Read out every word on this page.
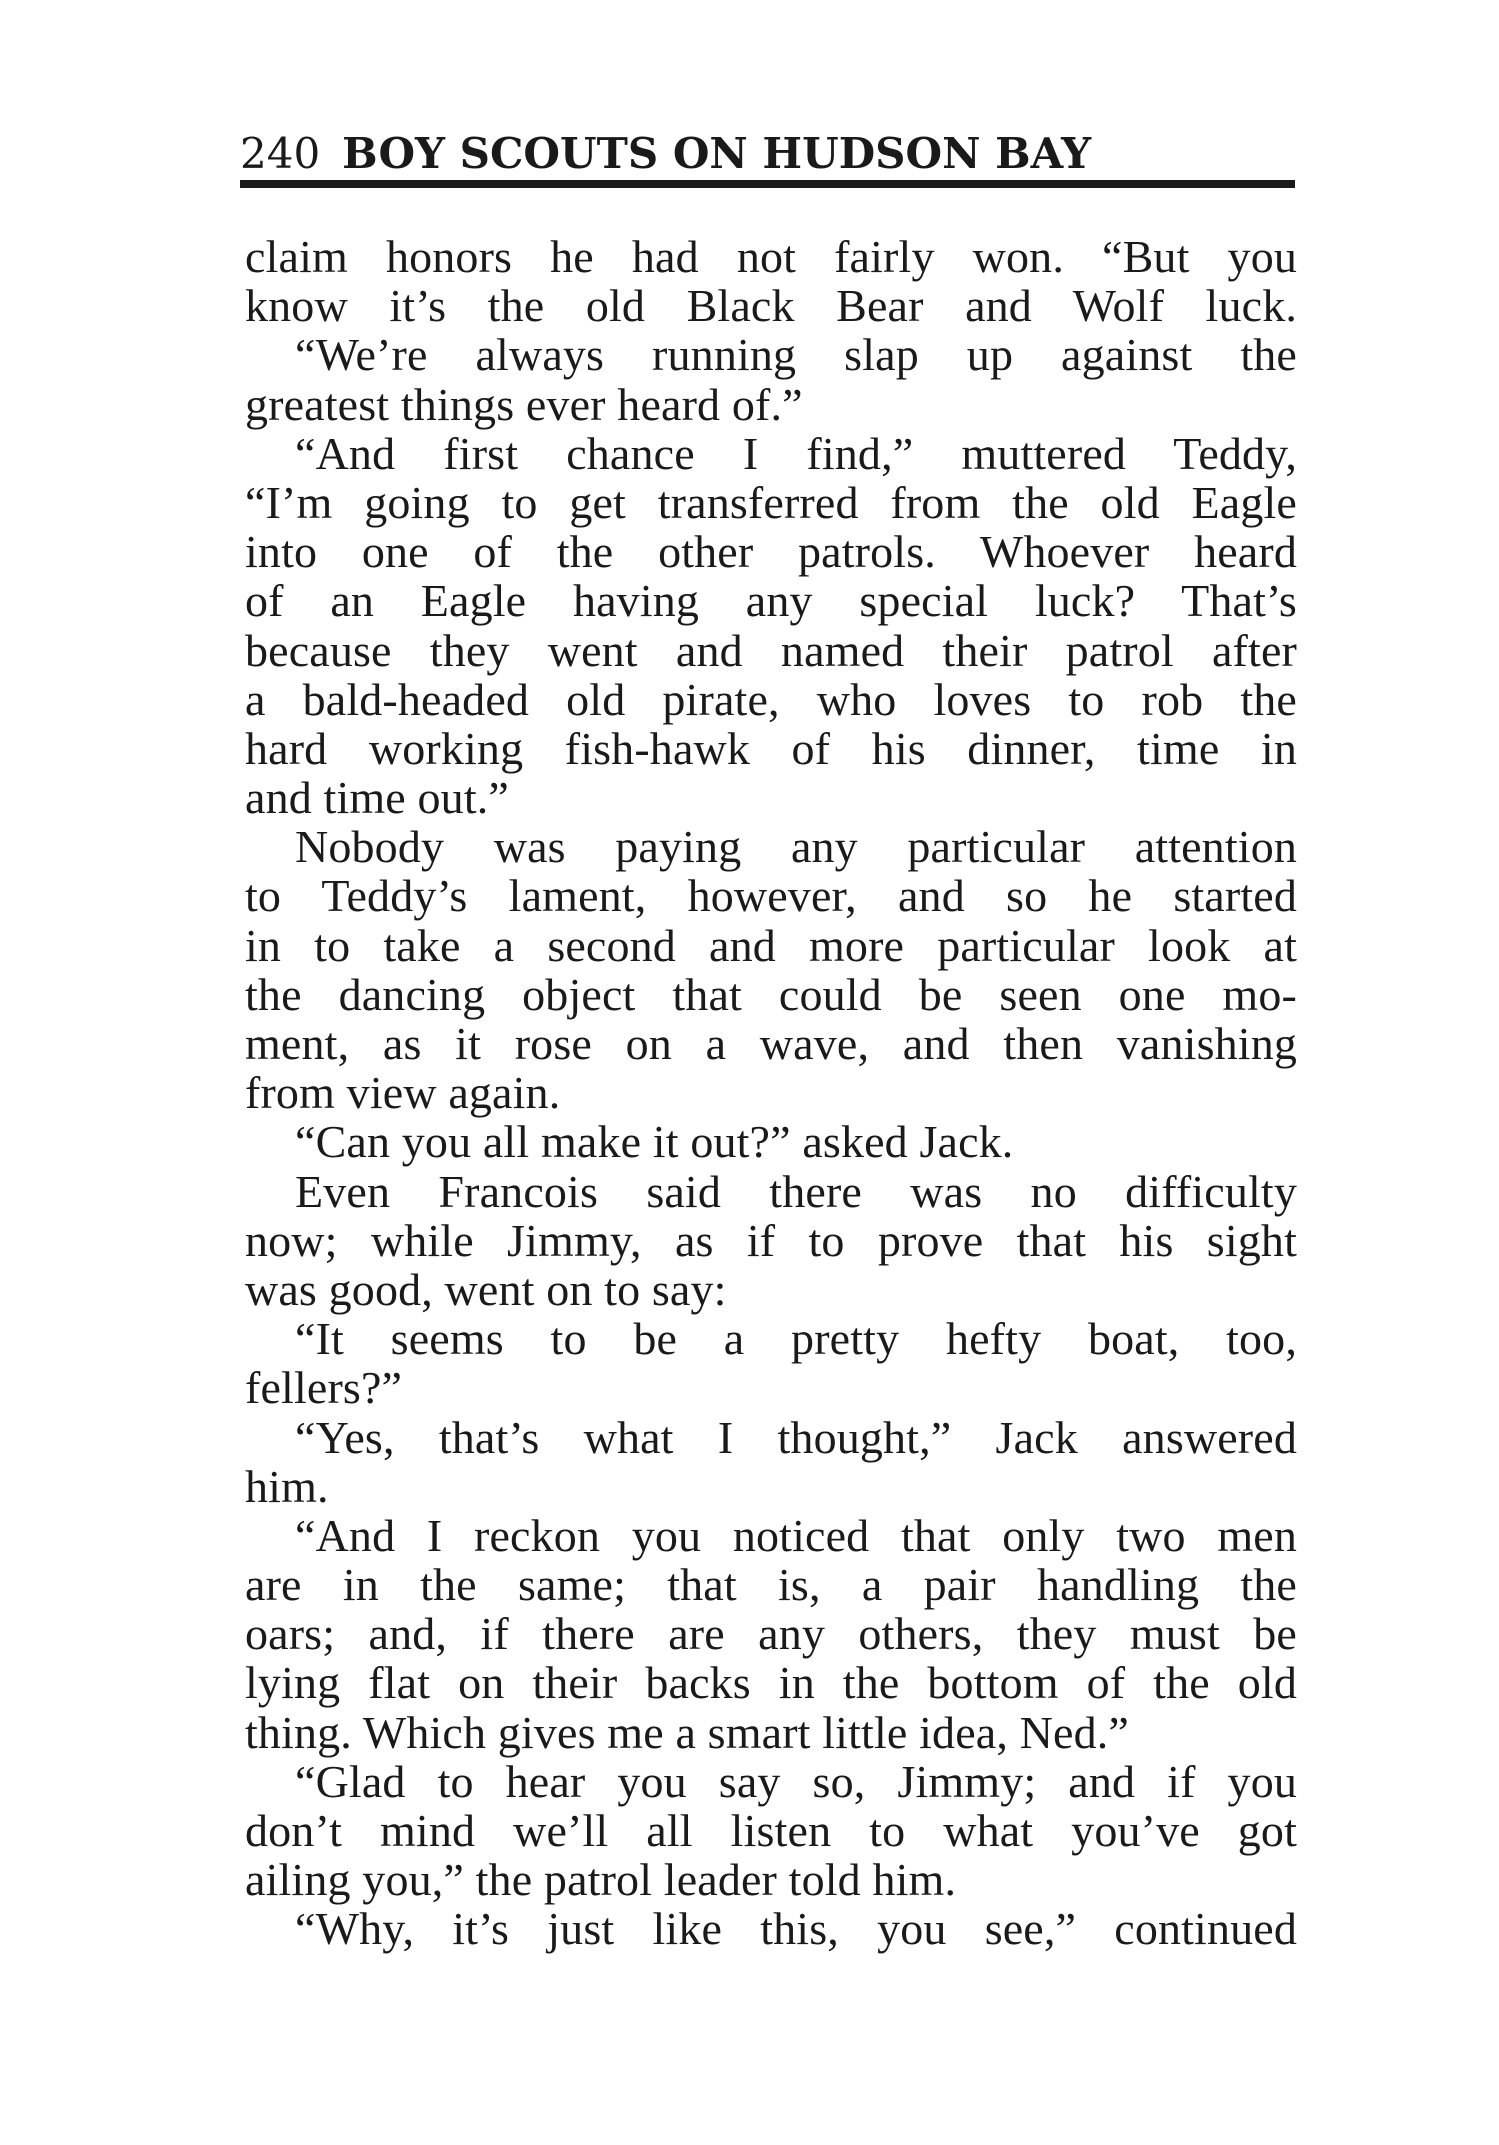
240 BOY SCOUTS ON HUDSON BAY
claim honors he had not fairly won. “But you
know it’s the old Black Bear and Wolf luck.
“We’re always running slap up against the
greatest things ever heard of.”
“And first chance I find,” muttered Teddy,
“I’m going to get transferred from the old Eagle
into one of the other patrols. Whoever heard
of an Eagle having any special luck? That’s
because they went and named their patrol after
a bald-headed old pirate, who loves to rob the
hard working fish-hawk of his dinner, time in
and time out.”
Nobody was paying any particular attention
to Teddy’s lament, however, and so he started
in to take a second and more particular look at
the dancing object that could be seen one mo-
ment, as it rose on a wave, and then vanishing
from view again.
“Can you all make it out?” asked Jack.
Even Francois said there was no difficulty
now; while Jimmy, as if to prove that his sight
was good, went on to say:
“It seems to be a pretty hefty boat, too,
fellers?”
“Yes, that’s what I thought,” Jack answered
him.
“And I reckon you noticed that only two men
are in the same; that is, a pair handling the
oars; and, if there are any others, they must be
lying flat on their backs in the bottom of the old
thing. Which gives me a smart little idea, Ned.”
“Glad to hear you say so, Jimmy; and if you
don’t mind we’ll all listen to what you’ve got
ailing you,” the patrol leader told him.
“Why, it’s just like this, you see,” continued
